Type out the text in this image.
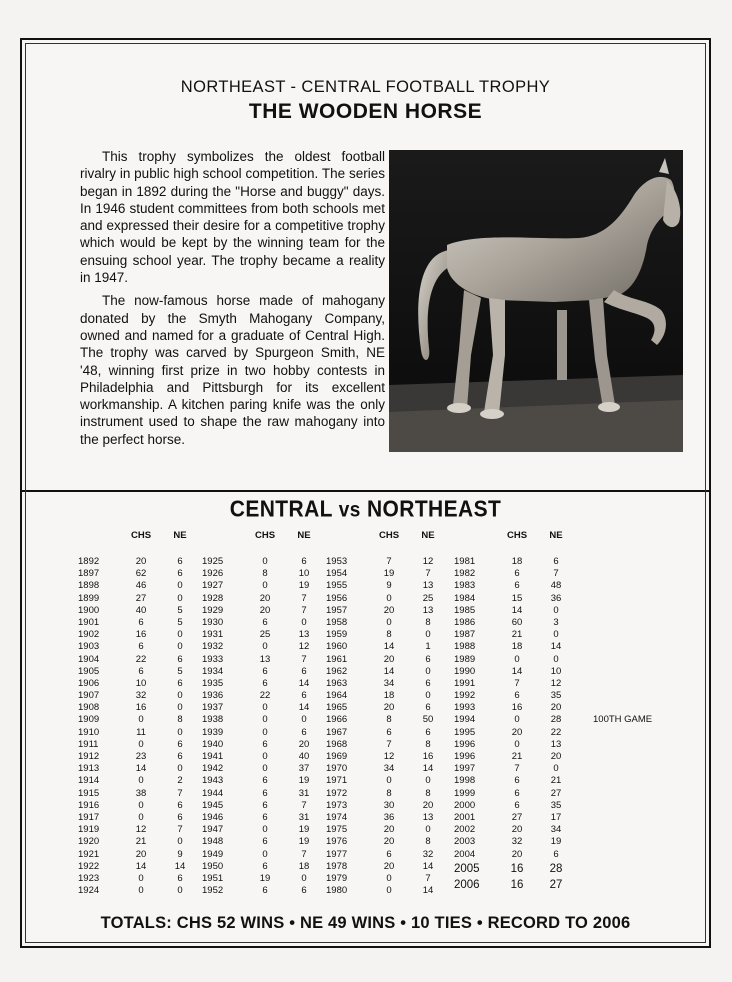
NORTHEAST - CENTRAL FOOTBALL TROPHY
THE WOODEN HORSE

This trophy symbolizes the oldest football rivalry in public high school competition. The series began in 1892 during the "Horse and buggy" days. In 1946 student committees from both schools met and expressed their desire for a competitive trophy which would be kept by the winning team for the ensuing school year. The trophy became a reality in 1947.

The now-famous horse made of mahogany donated by the Smyth Mahogany Company, owned and named for a graduate of Central High. The trophy was carved by Spurgeon Smith, NE '48, winning first prize in two hobby contests in Philadelphia and Pittsburgh for its excellent workmanship. A kitchen paring knife was the only instrument used to shape the raw mahogany into the perfect horse.

CENTRAL vs NORTHEAST
CHS	NE
1892	20	6
1897	62	6
1898	46	0
1899	27	0
1900	40	5
1901	6	5
1902	16	0
1903	6	0
1904	22	6
1905	6	5
1906	10	6
1907	32	0
1908	16	0
1909	0	8
1910	11	0
1911	0	6
1912	23	6
1913	14	0
1914	0	2
1915	38	7
1916	0	6
1917	0	6
1919	12	7
1920	21	0
1921	20	9
1922	14	14
1923	0	6
1924	0	0
CHS	NE
1925	0	6
1926	8	10
1927	0	19
1928	20	7
1929	20	7
1930	6	0
1931	25	13
1932	0	12
1933	13	7
1934	6	6
1935	6	14
1936	22	6
1937	0	14
1938	0	0
1939	0	6
1940	6	20
1941	0	40
1942	0	37
1943	6	19
1944	6	31
1945	6	7
1946	6	31
1947	0	19
1948	6	19
1949	0	7
1950	6	18
1951	19	0
1952	6	6
CHS	NE
1953	7	12
1954	19	7
1955	9	13
1956	0	25
1957	20	13
1958	0	8
1959	8	0
1960	14	1
1961	20	6
1962	14	0
1963	34	6
1964	18	0
1965	20	6
1966	8	50
1967	6	6
1968	7	8
1969	12	16
1970	34	14
1971	0	0
1972	8	8
1973	30	20
1974	36	13
1975	20	0
1976	20	8
1977	6	32
1978	20	14
1979	0	7
1980	0	14
CHS	NE
1981	18	6
1982	6	7
1983	6	48
1984	15	36
1985	14	0
1986	60	3
1987	21	0
1988	18	14
1989	0	0
1990	14	10
1991	7	12
1992	6	35
1993	16	20
1994	0	28
1995	20	22
1996	0	13
1996	21	20
1997	7	0
1998	6	21
1999	6	27
2000	6	35
2001	27	17
2002	20	34
2003	32	19
2004	20	6
2005	16	28
2006	16	27
100TH GAME
TOTALS: CHS 52 WINS • NE 49 WINS • 10 TIES • RECORD TO 2006
